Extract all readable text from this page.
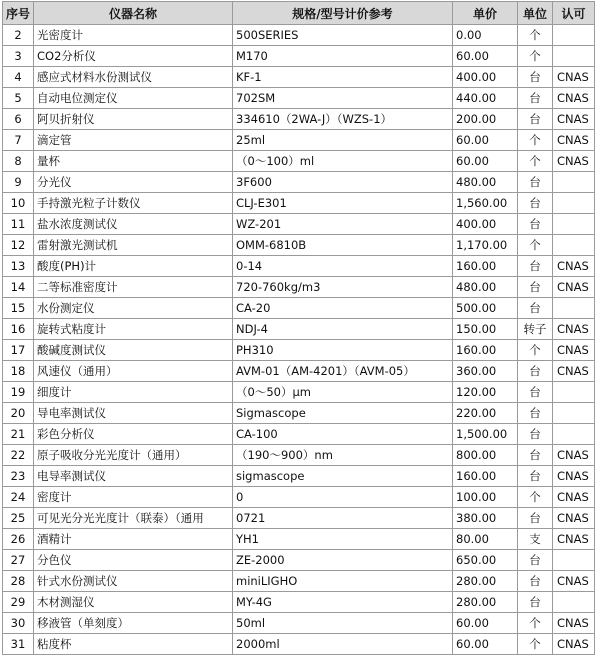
序号	仪器名称	规格/型号计价参考	单价	单位	认可
2	光密度计	500SERIES	0.00	个	
3	CO2分析仪	M170	60.00	个	
4	感应式材料水份测试仪	KF-1	400.00	台	CNAS
5	自动电位测定仪	702SM	440.00	台	CNAS
6	阿贝折射仪	334610（2WA-J）（WZS-1）	200.00	台	CNAS
7	滴定管	25ml	60.00	个	CNAS
8	量杯	（0～100）ml	60.00	个	CNAS
9	分光仪	3F600	480.00	台	
10	手持激光粒子计数仪	CLJ-E301	1,560.00	台	
11	盐水浓度测试仪	WZ-201	400.00	台	
12	雷射激光测试机	OMM-6810B	1,170.00	个	
13	酸度(PH)计	0-14	160.00	台	CNAS
14	二等标准密度计	720-760kg/m3	480.00	台	CNAS
15	水份测定仪	CA-20	500.00	台	
16	旋转式粘度计	NDJ-4	150.00	转子	CNAS
17	酸碱度测试仪	PH310	160.00	个	CNAS
18	风速仪（通用）	AVM-01（AM-4201）（AVM-05）	360.00	台	CNAS
19	细度计	（0～50）μm	120.00	台	
20	导电率测试仪	Sigmascope	220.00	台	
21	彩色分析仪	CA-100	1,500.00	台	
22	原子吸收分光光度计（通用）	（190～900）nm	800.00	台	CNAS
23	电导率测试仪	sigmascope	160.00	台	CNAS
24	密度计	0	100.00	个	CNAS
25	可见光分光光度计（联泰）（通用	0721	380.00	台	CNAS
26	酒精计	YH1	80.00	支	CNAS
27	分色仪	ZE-2000	650.00	台	
28	针式水份测试仪	miniLIGHO	280.00	台	CNAS
29	木材测湿仪	MY-4G	280.00	台	
30	移液管（单刻度）	50ml	60.00	个	CNAS
31	粘度杯	2000ml	60.00	个	CNAS
